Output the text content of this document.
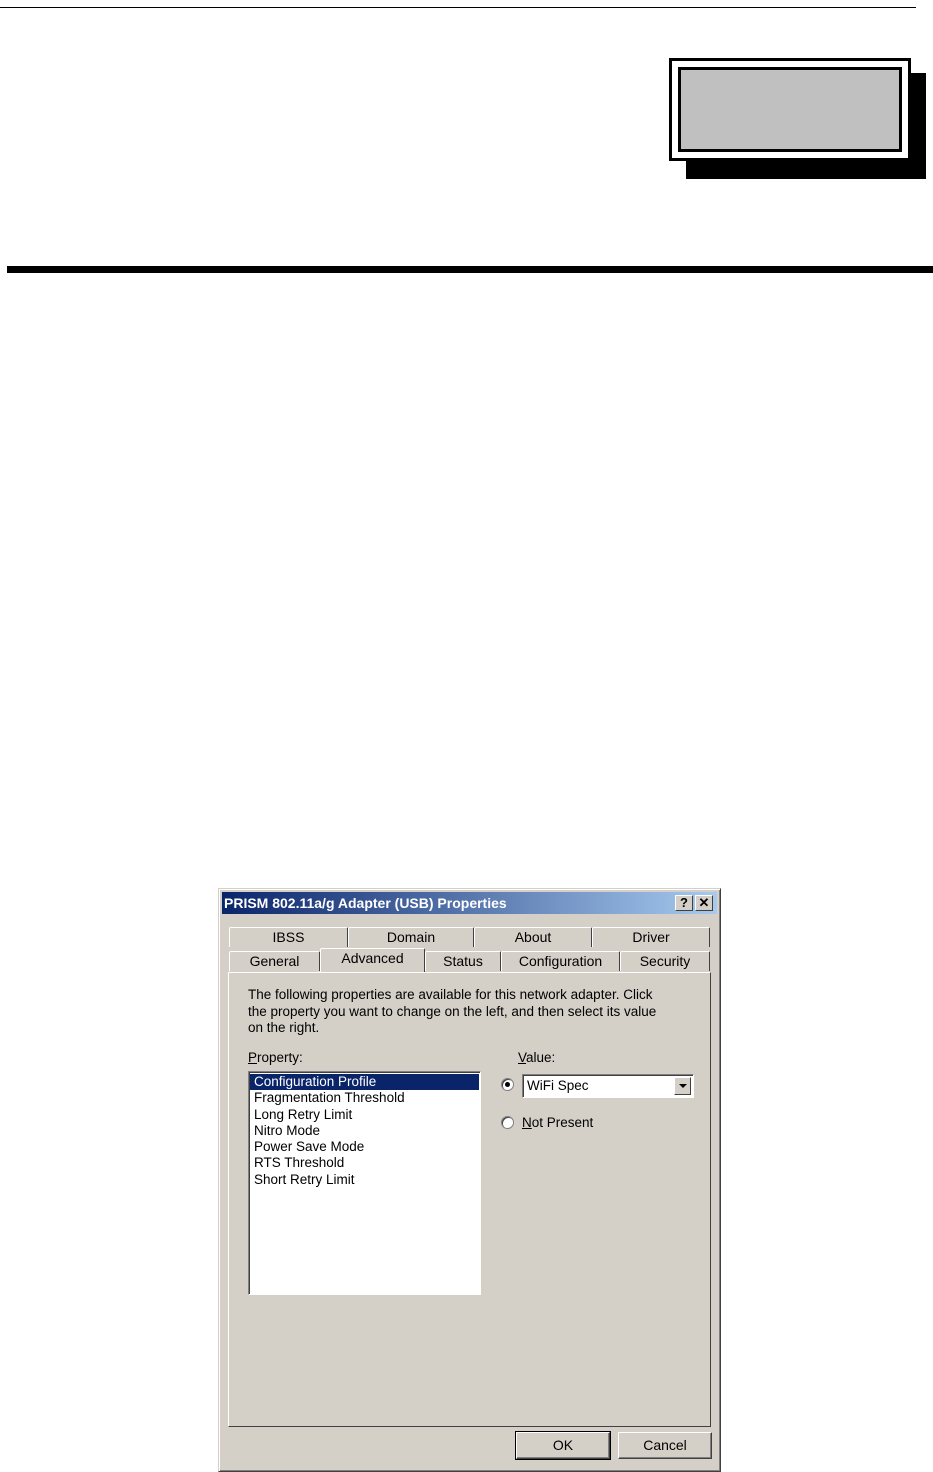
PRISM 802.11a/g Adapter (USB) Properties	? ✕
IBSS	Domain	About	Driver
General	Advanced	Status	Configuration	Security
The following properties are available for this network adapter. Click the property you want to change on the left, and then select its value on the right.
Property:	Value:
Configuration Profile
Fragmentation Threshold
Long Retry Limit
Nitro Mode
Power Save Mode
RTS Threshold
Short Retry Limit
WiFi Spec
Not Present
OK	Cancel
